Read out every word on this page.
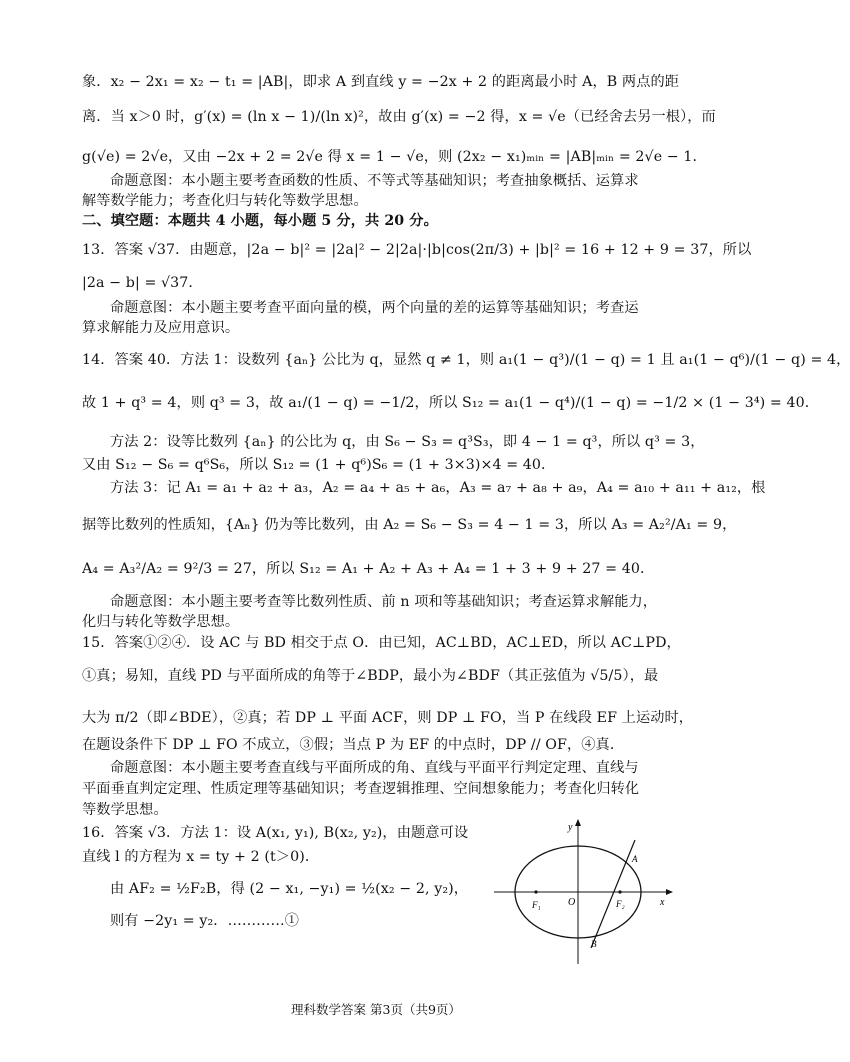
象．x₂ − 2x₁ = x₂ − t₁ = |AB|，即求 A 到直线 y = −2x + 2 的距离最小时 A，B 两点的距
离．当 x＞0 时，g′(x) = (ln x − 1)/(ln x)²，故由 g′(x) = −2 得，x = √e（已经舍去另一根），而
g(√e) = 2√e，又由 −2x + 2 = 2√e 得 x = 1 − √e，则 (2x₂ − x₁)ₘᵢₙ = |AB|ₘᵢₙ = 2√e − 1．
命题意图：本小题主要考查函数的性质、不等式等基础知识；考查抽象概括、运算求
解等数学能力；考查化归与转化等数学思想。
二、填空题：本题共 4 小题，每小题 5 分，共 20 分。
13．答案 √37．由题意，|2a − b|² = |2a|² − 2|2a|·|b|cos(2π/3) + |b|² = 16 + 12 + 9 = 37，所以
|2a − b| = √37．
命题意图：本小题主要考查平面向量的模，两个向量的差的运算等基础知识；考查运
算求解能力及应用意识。
14．答案 40．方法 1：设数列 {aₙ} 公比为 q，显然 q ≠ 1，则 a₁(1 − q³)/(1 − q) = 1 且 a₁(1 − q⁶)/(1 − q) = 4，
故 1 + q³ = 4，则 q³ = 3，故 a₁/(1 − q) = −1/2，所以 S₁₂ = a₁(1 − q⁴)/(1 − q) = −1/2 × (1 − 3⁴) = 40．
方法 2：设等比数列 {aₙ} 的公比为 q，由 S₆ − S₃ = q³S₃，即 4 − 1 = q³，所以 q³ = 3，
又由 S₁₂ − S₆ = q⁶S₆，所以 S₁₂ = (1 + q⁶)S₆ = (1 + 3×3)×4 = 40．
方法 3：记 A₁ = a₁ + a₂ + a₃，A₂ = a₄ + a₅ + a₆，A₃ = a₇ + a₈ + a₉，A₄ = a₁₀ + a₁₁ + a₁₂，根
据等比数列的性质知，{Aₙ} 仍为等比数列，由 A₂ = S₆ − S₃ = 4 − 1 = 3，所以 A₃ = A₂²/A₁ = 9，
A₄ = A₃²/A₂ = 9²/3 = 27，所以 S₁₂ = A₁ + A₂ + A₃ + A₄ = 1 + 3 + 9 + 27 = 40．
命题意图：本小题主要考查等比数列性质、前 n 项和等基础知识；考查运算求解能力，
化归与转化等数学思想。
15．答案①②④．设 AC 与 BD 相交于点 O．由已知，AC⊥BD，AC⊥ED，所以 AC⊥PD，
①真；易知，直线 PD 与平面所成的角等于∠BDP，最小为∠BDF（其正弦值为 √5/5），最
大为 π/2（即∠BDE），②真；若 DP ⊥ 平面 ACF，则 DP ⊥ FO，当 P 在线段 EF 上运动时，
在题设条件下 DP ⊥ FO 不成立，③假；当点 P 为 EF 的中点时，DP // OF，④真．
命题意图：本小题主要考查直线与平面所成的角、直线与平面平行判定定理、直线与
平面垂直判定定理、性质定理等基础知识；考查逻辑推理、空间想象能力；考查化归转化
等数学思想。
16．答案 √3．方法 1：设 A(x₁, y₁), B(x₂, y₂)，由题意可设
直线 l 的方程为 x = ty + 2 (t＞0)．
由 AF₂ = ½F₂B，得 (2 − x₁, −y₁) = ½(x₂ − 2, y₂)，
则有 −2y₁ = y₂．…………①
y
x
O
F₁	F₂
A
B
理科数学答案 第3页（共9页）
